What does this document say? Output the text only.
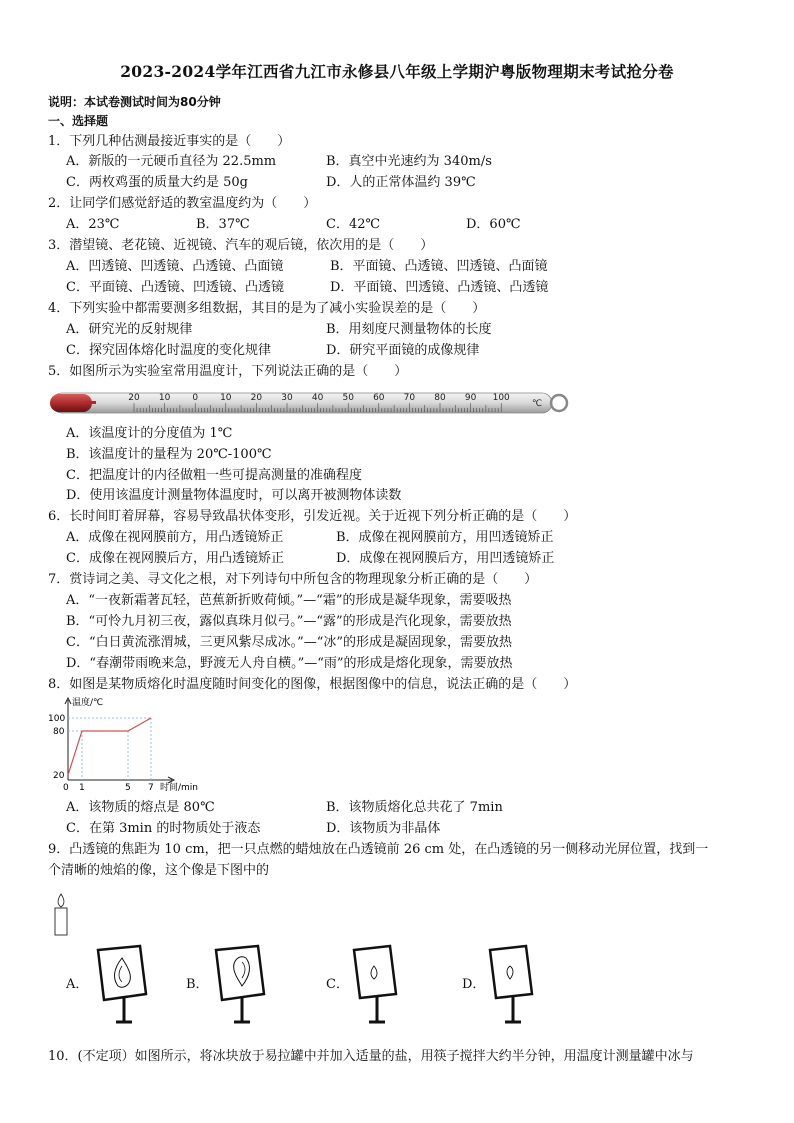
2023-2024学年江西省九江市永修县八年级上学期沪粤版物理期末考试抢分卷
说明：本试卷测试时间为80分钟
一、选择题
1．下列几种估测最接近事实的是（　　）
A．新版的一元硬币直径为 22.5mm	B．真空中光速约为 340m/s
C．两枚鸡蛋的质量大约是 50g	D．人的正常体温约 39℃
2．让同学们感觉舒适的教室温度约为（　　）
A．23℃	B．37℃	C．42℃	D．60℃
3．潜望镜、老花镜、近视镜、汽车的观后镜，依次用的是（　　）
A．凹透镜、凹透镜、凸透镜、凸面镜	B．平面镜、凸透镜、凹透镜、凸面镜
C．平面镜、凸透镜、凹透镜、凸透镜	D．平面镜、凹透镜、凸透镜、凸透镜
4．下列实验中都需要测多组数据，其目的是为了减小实验误差的是（　　）
A．研究光的反射规律	B．用刻度尺测量物体的长度
C．探究固体熔化时温度的变化规律	D．研究平面镜的成像规律
5．如图所示为实验室常用温度计，下列说法正确的是（　　）
20 10 0 10 20 30 40 50 60 70 80 90 100
℃
A．该温度计的分度值为 1℃
B．该温度计的量程为 20℃-100℃
C．把温度计的内径做粗一些可提高测量的准确程度
D．使用该温度计测量物体温度时，可以离开被测物体读数
6．长时间盯着屏幕，容易导致晶状体变形，引发近视。关于近视下列分析正确的是（　　）
A．成像在视网膜前方，用凸透镜矫正	B．成像在视网膜前方，用凹透镜矫正
C．成像在视网膜后方，用凸透镜矫正	D．成像在视网膜后方，用凹透镜矫正
7．赏诗词之美、寻文化之根，对下列诗句中所包含的物理现象分析正确的是（　　）
A．“一夜新霜著瓦轻，芭蕉新折败荷倾。”—“霜”的形成是凝华现象，需要吸热
B．“可怜九月初三夜，露似真珠月似弓。”—“露”的形成是汽化现象，需要放热
C．“白日黄流涨渭城，三更风紫尽成冰。”—“冰”的形成是凝固现象，需要放热
D．“春潮带雨晚来急，野渡无人舟自横。”—“雨”的形成是熔化现象，需要放热
8．如图是某物质熔化时温度随时间变化的图像，根据图像中的信息，说法正确的是（　　）
温度/℃
100
80
20
0 1	5 7 时间/min
A．该物质的熔点是 80℃	B．该物质熔化总共花了 7min
C．在第 3min 的时物质处于液态	D．该物质为非晶体
9．凸透镜的焦距为 10 cm，把一只点燃的蜡烛放在凸透镜前 26 cm 处，在凸透镜的另一侧移动光屏位置，找到一
个清晰的烛焰的像，这个像是下图中的
A．	B．	C．	D．
10．(不定项）如图所示，将冰块放于易拉罐中并加入适量的盐，用筷子搅拌大约半分钟，用温度计测量罐中冰与
